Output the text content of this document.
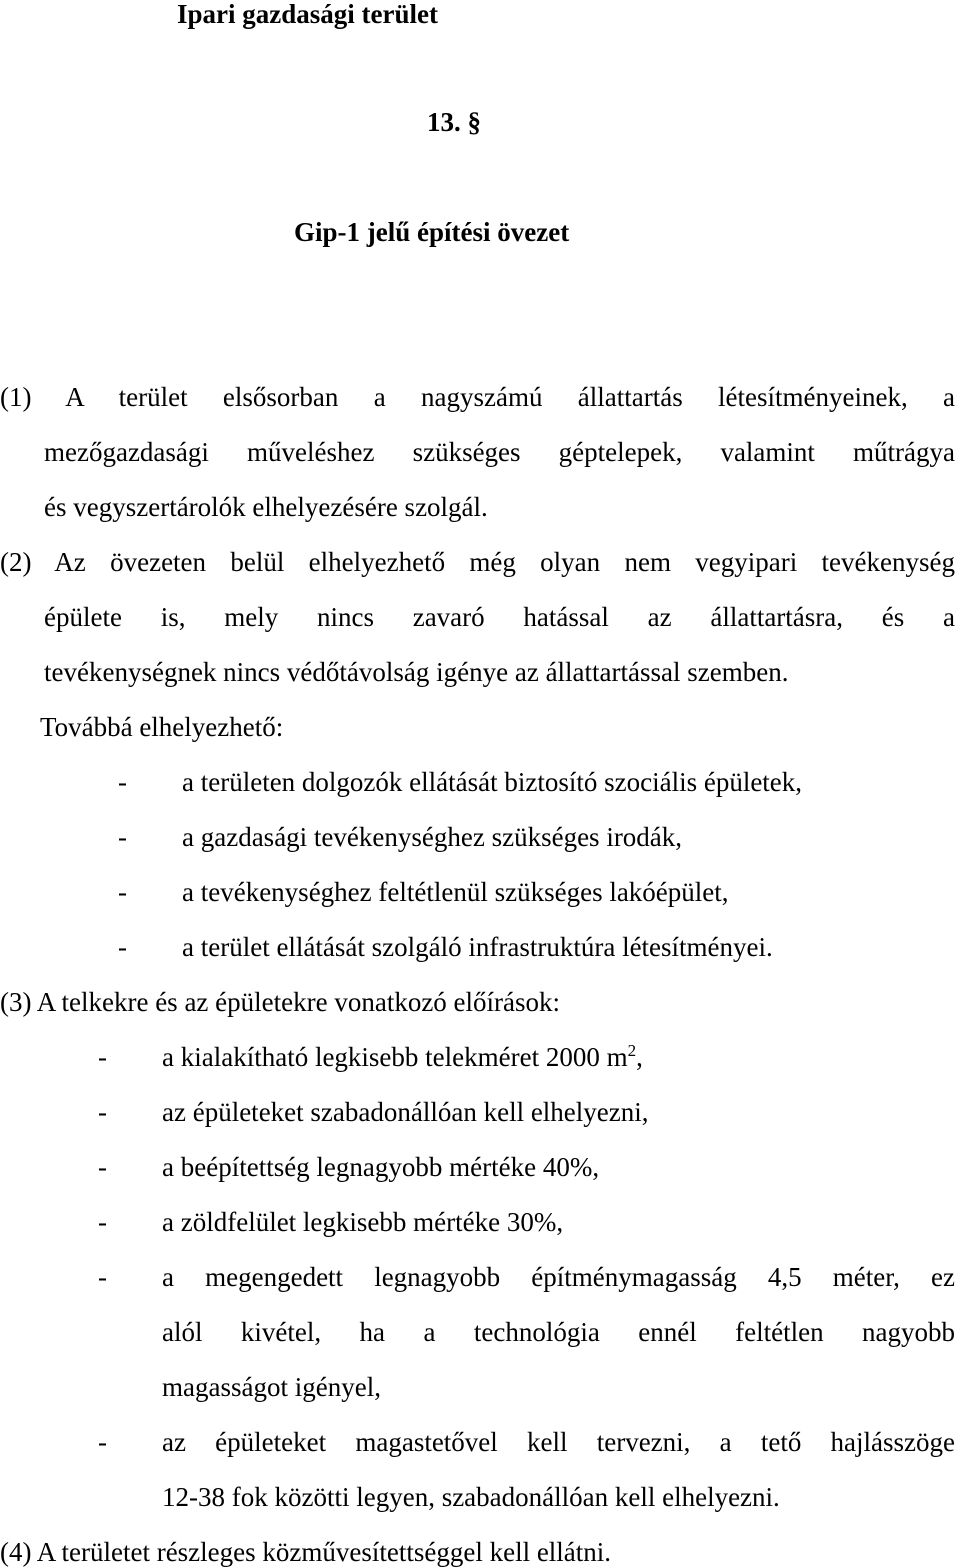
Ipari gazdasági terület
13. §
Gip-1 jelű építési övezet
(1) A terület elsősorban a nagyszámú állattartás létesítményeinek, a
mezőgazdasági műveléshez szükséges géptelepek, valamint műtrágya
és vegyszertárolók elhelyezésére szolgál.
(2) Az övezeten belül elhelyezhető még olyan nem vegyipari tevékenység
épülete is, mely nincs zavaró hatással az állattartásra, és a
tevékenységnek nincs védőtávolság igénye az állattartással szemben.
Továbbá elhelyezhető:
- a területen dolgozók ellátását biztosító szociális épületek,
- a gazdasági tevékenységhez szükséges irodák,
- a tevékenységhez feltétlenül szükséges lakóépület,
- a terület ellátását szolgáló infrastruktúra létesítményei.
(3) A telkekre és az épületekre vonatkozó előírások:
- a kialakítható legkisebb telekméret 2000 $m^2$,
- az épületeket szabadonállóan kell elhelyezni,
- a beépítettség legnagyobb mértéke 40%,
- a zöldfelület legkisebb mértéke 30%,
- a megengedett legnagyobb építménymagasság 4,5 méter, ez
alól kivétel, ha a technológia ennél feltétlen nagyobb
magasságot igényel,
- az épületeket magastetővel kell tervezni, a tető hajlásszöge
12-38 fok közötti legyen, szabadonállóan kell elhelyezni.
(4) A területet részleges közművesítettséggel kell ellátni.
